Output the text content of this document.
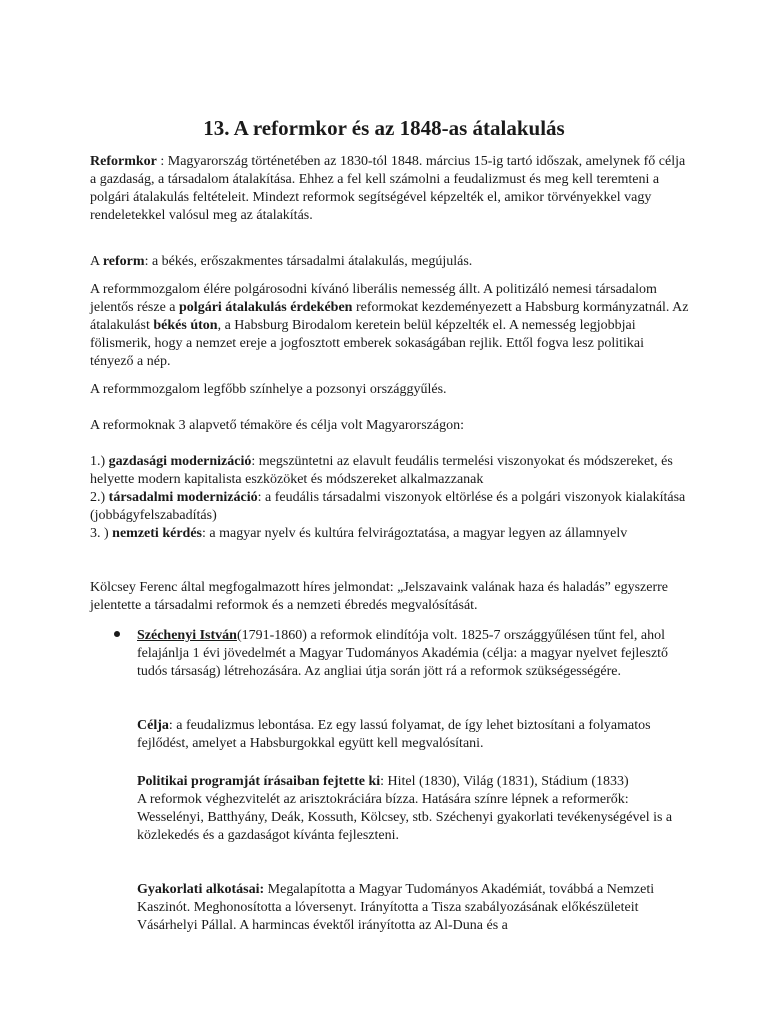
13. A reformkor és az 1848-as átalakulás

Reformkor : Magyarország történetében az 1830-tól 1848. március 15-ig tartó időszak, amelynek fő célja a gazdaság, a társadalom átalakítása. Ehhez a fel kell számolni a feudalizmust és meg kell teremteni a polgári átalakulás feltételeit. Mindezt reformok segítségével képzelték el, amikor törvényekkel vagy rendeletekkel valósul meg az átalakítás.

A reform: a békés, erőszakmentes társadalmi átalakulás, megújulás.

A reformmozgalom élére polgárosodni kívánó liberális nemesség állt. A politizáló nemesi társadalom jelentős része a polgári átalakulás érdekében reformokat kezdeményezett a Habsburg kormányzatnál. Az átalakulást békés úton, a Habsburg Birodalom keretein belül képzelték el. A nemesség legjobbjai fölismerik, hogy a nemzet ereje a jogfosztott emberek sokaságában rejlik. Ettől fogva lesz politikai tényező a nép.

A reformmozgalom legfőbb színhelye a pozsonyi országgyűlés.

A reformoknak 3 alapvető témaköre és célja volt Magyarországon:

1.) gazdasági modernizáció: megszüntetni az elavult feudális termelési viszonyokat és módszereket, és helyette modern kapitalista eszközöket és módszereket alkalmazzanak

2.) társadalmi modernizáció: a feudális társadalmi viszonyok eltörlése és a polgári viszonyok kialakítása (jobbágyfelszabadítás)

3. ) nemzeti kérdés: a magyar nyelv és kultúra felvirágoztatása, a magyar legyen az államnyelv

Kölcsey Ferenc által megfogalmazott híres jelmondat: „Jelszavaink valának haza és haladás” egyszerre jelentette a társadalmi reformok és a nemzeti ébredés megvalósítását.

Széchenyi István(1791-1860) a reformok elindítója volt. 1825-7 országgyűlésen tűnt fel, ahol felajánlja 1 évi jövedelmét a Magyar Tudományos Akadémia (célja: a magyar nyelvet fejlesztő tudós társaság) létrehozására. Az angliai útja során jött rá a reformok szükségességére.

Célja: a feudalizmus lebontása. Ez egy lassú folyamat, de így lehet biztosítani a folyamatos fejlődést, amelyet a Habsburgokkal együtt kell megvalósítani.

Politikai programját írásaiban fejtette ki: Hitel (1830), Világ (1831), Stádium (1833)
A reformok véghezvitelét az arisztokráciára bízza. Hatására színre lépnek a reformerők: Wesselényi, Batthyány, Deák, Kossuth, Kölcsey, stb. Széchenyi gyakorlati tevékenységével is a közlekedés és a gazdaságot kívánta fejleszteni.

Gyakorlati alkotásai: Megalapította a Magyar Tudományos Akadémiát, továbbá a Nemzeti Kaszinót. Meghonosította a lóversenyt. Irányította a Tisza szabályozásának előkészületeit Vásárhelyi Pállal. A harmincas évektől irányította az Al-Duna és a
